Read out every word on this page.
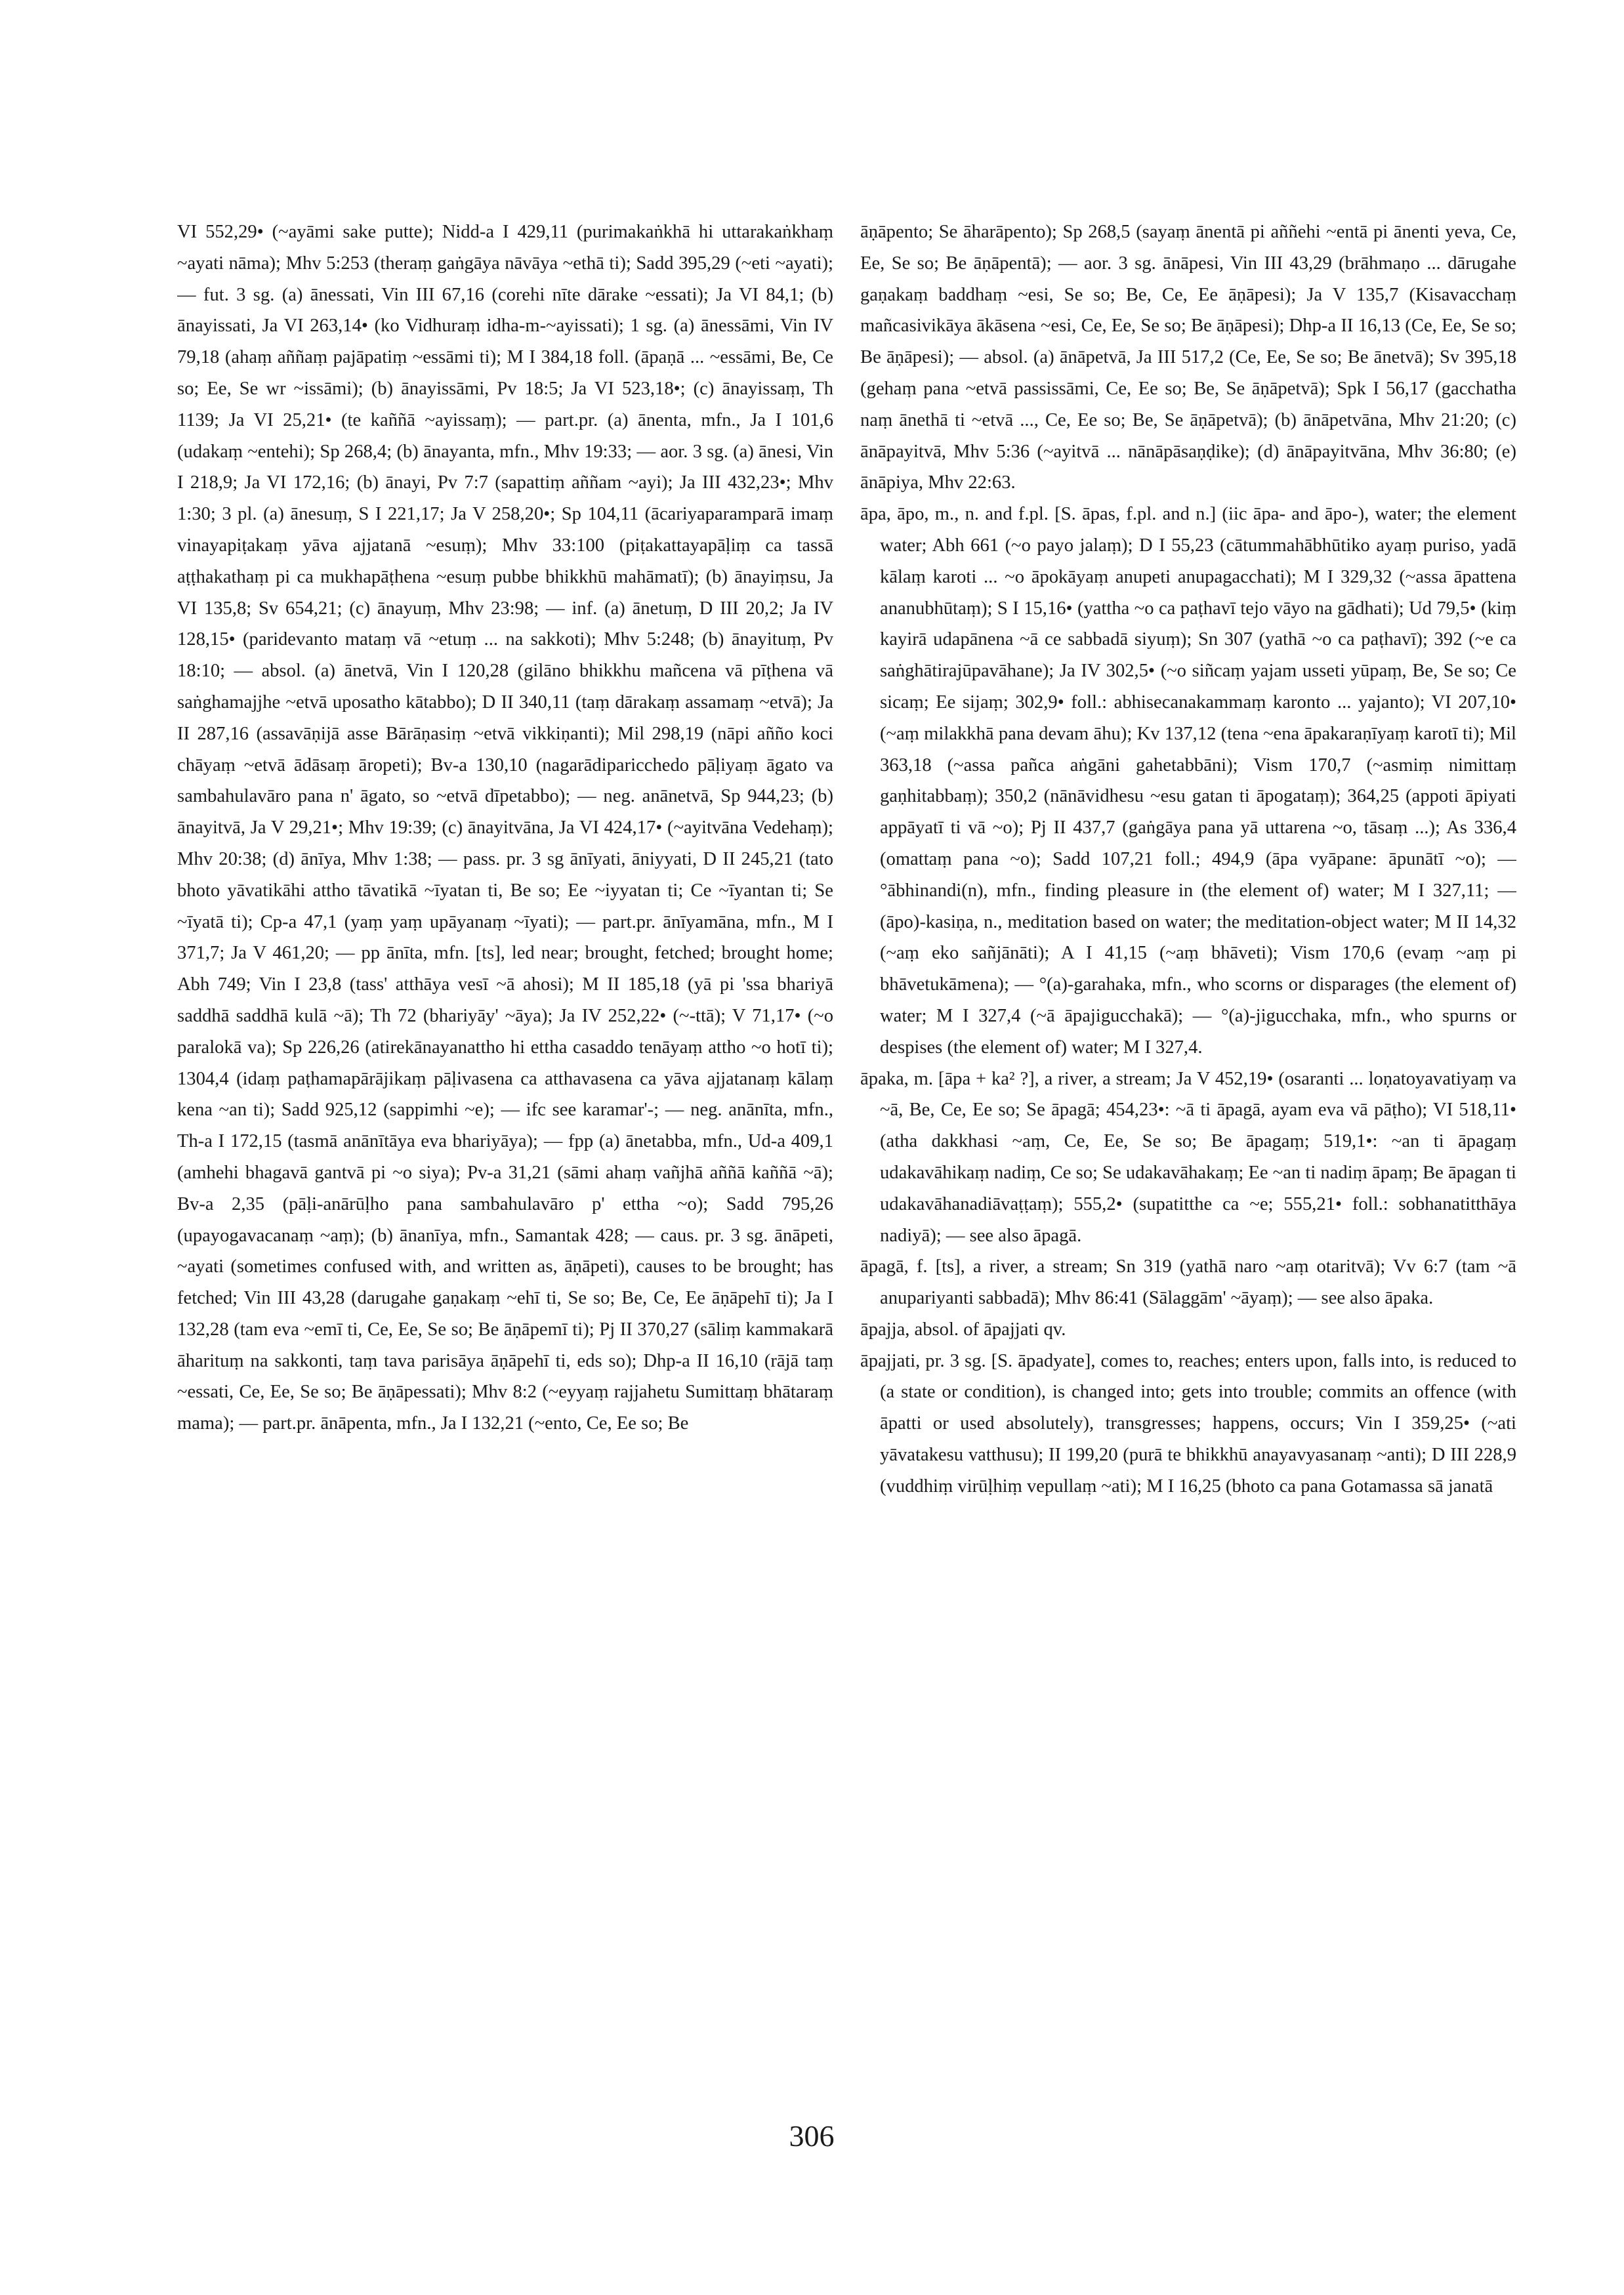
VI 552,29• (~ayāmi sake putte); Nidd-a I 429,11 (purimakaṅkhā hi uttarakaṅkhaṃ ~ayati nāma); Mhv 5:253 (theraṃ gaṅgāya nāvāya ~ethā ti); Sadd 395,29 (~eti ~ayati); — fut. 3 sg. (a) ānessati, Vin III 67,16 (corehi nīte dārake ~essati); Ja VI 84,1; (b) ānayissati, Ja VI 263,14• (ko Vidhuraṃ idha-m-~ayissati); 1 sg. (a) ānessāmi, Vin IV 79,18 (ahaṃ aññaṃ pajāpatiṃ ~essāmi ti); M I 384,18 foll. (āpaṇā ... ~essāmi, Be, Ce so; Ee, Se wr ~issāmi); (b) ānayissāmi, Pv 18:5; Ja VI 523,18•; (c) ānayissaṃ, Th 1139; Ja VI 25,21• (te kaññā ~ayissaṃ); — part.pr. (a) ānenta, mfn., Ja I 101,6 (udakaṃ ~entehi); Sp 268,4; (b) ānayanta, mfn., Mhv 19:33; — aor. 3 sg. (a) ānesi, Vin I 218,9; Ja VI 172,16; (b) ānayi, Pv 7:7 (sapattiṃ aññam ~ayi); Ja III 432,23•; Mhv 1:30; 3 pl. (a) ānesuṃ, S I 221,17; Ja V 258,20•; Sp 104,11 (ācariyaparamparā imaṃ vinayapiṭakaṃ yāva ajjatanā ~esuṃ); Mhv 33:100 (piṭakattayapāḷiṃ ca tassā aṭṭhakathaṃ pi ca mukhapāṭhena ~esuṃ pubbe bhikkhū mahāmatī); (b) ānayiṃsu, Ja VI 135,8; Sv 654,21; (c) ānayuṃ, Mhv 23:98; — inf. (a) ānetuṃ, D III 20,2; Ja IV 128,15• (paridevanto mataṃ vā ~etuṃ ... na sakkoti); Mhv 5:248; (b) ānayituṃ, Pv 18:10; — absol. (a) ānetvā, Vin I 120,28 (gilāno bhikkhu mañcena vā pīṭhena vā saṅghamajjhe ~etvā uposatho kātabbo); D II 340,11 (taṃ dārakaṃ assamaṃ ~etvā); Ja II 287,16 (assavāṇijā asse Bārāṇasiṃ ~etvā vikkiṇanti); Mil 298,19 (nāpi añño koci chāyaṃ ~etvā ādāsaṃ āropeti); Bv-a 130,10 (nagarādiparicchedo pāḷiyaṃ āgato va sambahulavāro pana n' āgato, so ~etvā dīpetabbo); — neg. anānetvā, Sp 944,23; (b) ānayitvā, Ja V 29,21•; Mhv 19:39; (c) ānayitvāna, Ja VI 424,17• (~ayitvāna Vedehaṃ); Mhv 20:38; (d) ānīya, Mhv 1:38; — pass. pr. 3 sg ānīyati, āniyyati, D II 245,21 (tato bhoto yāvatikāhi attho tāvatikā ~īyatan ti, Be so; Ee ~iyyatan ti; Ce ~īyantan ti; Se ~īyatā ti); Cp-a 47,1 (yaṃ yaṃ upāyanaṃ ~īyati); — part.pr. ānīyamāna, mfn., M I 371,7; Ja V 461,20; — pp ānīta, mfn. [ts], led near; brought, fetched; brought home; Abh 749; Vin I 23,8 (tass' atthāya vesī ~ā ahosi); M II 185,18 (yā pi 'ssa bhariyā saddhā saddhā kulā ~ā); Th 72 (bhariyāy' ~āya); Ja IV 252,22• (~-ttā); V 71,17• (~o paralokā va); Sp 226,26 (atirekānayanattho hi ettha casaddo tenāyaṃ attho ~o hotī ti); 1304,4 (idaṃ paṭhamapārājikaṃ pāḷivasena ca atthavasena ca yāva ajjatanaṃ kālaṃ kena ~an ti); Sadd 925,12 (sappimhi ~e); — ifc see karamar'-; — neg. anānīta, mfn., Th-a I 172,15 (tasmā anānītāya eva bhariyāya); — fpp (a) ānetabba, mfn., Ud-a 409,1 (amhehi bhagavā gantvā pi ~o siya); Pv-a 31,21 (sāmi ahaṃ vañjhā aññā kaññā ~ā); Bv-a 2,35 (pāḷi-anārūḷho pana sambahulavāro p' ettha ~o); Sadd 795,26 (upayogavacanaṃ ~aṃ); (b) ānanīya, mfn., Samantak 428; — caus. pr. 3 sg. ānāpeti, ~ayati (sometimes confused with, and written as, āṇāpeti), causes to be brought; has fetched; Vin III 43,28 (darugahe gaṇakaṃ ~ehī ti, Se so; Be, Ce, Ee āṇāpehī ti); Ja I 132,28 (tam eva ~emī ti, Ce, Ee, Se so; Be āṇāpemī ti); Pj II 370,27 (sāliṃ kammakarā āharituṃ na sakkonti, taṃ tava parisāya āṇāpehī ti, eds so); Dhp-a II 16,10 (rājā taṃ ~essati, Ce, Ee, Se so; Be āṇāpessati); Mhv 8:2 (~eyyaṃ rajjahetu Sumittaṃ bhātaraṃ mama); — part.pr. ānāpenta, mfn., Ja I 132,21 (~ento, Ce, Ee so; Be

āṇāpento; Se āharāpento); Sp 268,5 (sayaṃ ānentā pi aññehi ~entā pi ānenti yeva, Ce, Ee, Se so; Be āṇāpentā); — aor. 3 sg. ānāpesi, Vin III 43,29 (brāhmaṇo ... dārugahe gaṇakaṃ baddhaṃ ~esi, Se so; Be, Ce, Ee āṇāpesi); Ja V 135,7 (Kisavacchaṃ mañcasivikāya ākāsena ~esi, Ce, Ee, Se so; Be āṇāpesi); Dhp-a II 16,13 (Ce, Ee, Se so; Be āṇāpesi); — absol. (a) ānāpetvā, Ja III 517,2 (Ce, Ee, Se so; Be ānetvā); Sv 395,18 (gehaṃ pana ~etvā passissāmi, Ce, Ee so; Be, Se āṇāpetvā); Spk I 56,17 (gacchatha naṃ ānethā ti ~etvā ..., Ce, Ee so; Be, Se āṇāpetvā); (b) ānāpetvāna, Mhv 21:20; (c) ānāpayitvā, Mhv 5:36 (~ayitvā ... nānāpāsaṇḍike); (d) ānāpayitvāna, Mhv 36:80; (e) ānāpiya, Mhv 22:63.

āpa, āpo, m., n. and f.pl. [S. āpas, f.pl. and n.] (iic āpa- and āpo-), water; the element water; Abh 661 (~o payo jalaṃ); D I 55,23 (cātummahābhūtiko ayaṃ puriso, yadā kālaṃ karoti ... ~o āpokāyaṃ anupeti anupagacchati); M I 329,32 (~assa āpattena ananubhūtaṃ); S I 15,16• (yattha ~o ca paṭhavī tejo vāyo na gādhati); Ud 79,5• (kiṃ kayirā udapānena ~ā ce sabbadā siyuṃ); Sn 307 (yathā ~o ca paṭhavī); 392 (~e ca saṅghātirajūpavāhane); Ja IV 302,5• (~o siñcaṃ yajam usseti yūpaṃ, Be, Se so; Ce sicaṃ; Ee sijaṃ; 302,9• foll.: abhisecanakammaṃ karonto ... yajanto); VI 207,10• (~aṃ milakkhā pana devam āhu); Kv 137,12 (tena ~ena āpakaraṇīyaṃ karotī ti); Mil 363,18 (~assa pañca aṅgāni gahetabbāni); Vism 170,7 (~asmiṃ nimittaṃ gaṇhitabbaṃ); 350,2 (nānāvidhesu ~esu gatan ti āpogataṃ); 364,25 (appoti āpiyati appāyatī ti vā ~o); Pj II 437,7 (gaṅgāya pana yā uttarena ~o, tāsaṃ ...); As 336,4 (omattaṃ pana ~o); Sadd 107,21 foll.; 494,9 (āpa vyāpane: āpunātī ~o); — °ābhinandi(n), mfn., finding pleasure in (the element of) water; M I 327,11; — (āpo)-kasiṇa, n., meditation based on water; the meditation-object water; M II 14,32 (~aṃ eko sañjānāti); A I 41,15 (~aṃ bhāveti); Vism 170,6 (evaṃ ~aṃ pi bhāvetukāmena); — °(a)-garahaka, mfn., who scorns or disparages (the element of) water; M I 327,4 (~ā āpajigucchakā); — °(a)-jigucchaka, mfn., who spurns or despises (the element of) water; M I 327,4.

āpaka, m. [āpa + ka² ?], a river, a stream; Ja V 452,19• (osaranti ... loṇatoyavatiyaṃ va ~ā, Be, Ce, Ee so; Se āpagā; 454,23•: ~ā ti āpagā, ayam eva vā pāṭho); VI 518,11• (atha dakkhasi ~aṃ, Ce, Ee, Se so; Be āpagaṃ; 519,1•: ~an ti āpagaṃ udakavāhikaṃ nadiṃ, Ce so; Se udakavāhakaṃ; Ee ~an ti nadiṃ āpaṃ; Be āpagan ti udakavāhanadiāvaṭṭaṃ); 555,2• (supatitthe ca ~e; 555,21• foll.: sobhanatitthāya nadiyā); — see also āpagā.

āpagā, f. [ts], a river, a stream; Sn 319 (yathā naro ~aṃ otaritvā); Vv 6:7 (tam ~ā anupariyanti sabbadā); Mhv 86:41 (Sālaggām' ~āyaṃ); — see also āpaka.

āpajja, absol. of āpajjati qv.

āpajjati, pr. 3 sg. [S. āpadyate], comes to, reaches; enters upon, falls into, is reduced to (a state or condition), is changed into; gets into trouble; commits an offence (with āpatti or used absolutely), transgresses; happens, occurs; Vin I 359,25• (~ati yāvatakesu vatthusu); II 199,20 (purā te bhikkhū anayavyasanaṃ ~anti); D III 228,9 (vuddhiṃ virūḷhiṃ vepullaṃ ~ati); M I 16,25 (bhoto ca pana Gotamassa sā janatā

306
